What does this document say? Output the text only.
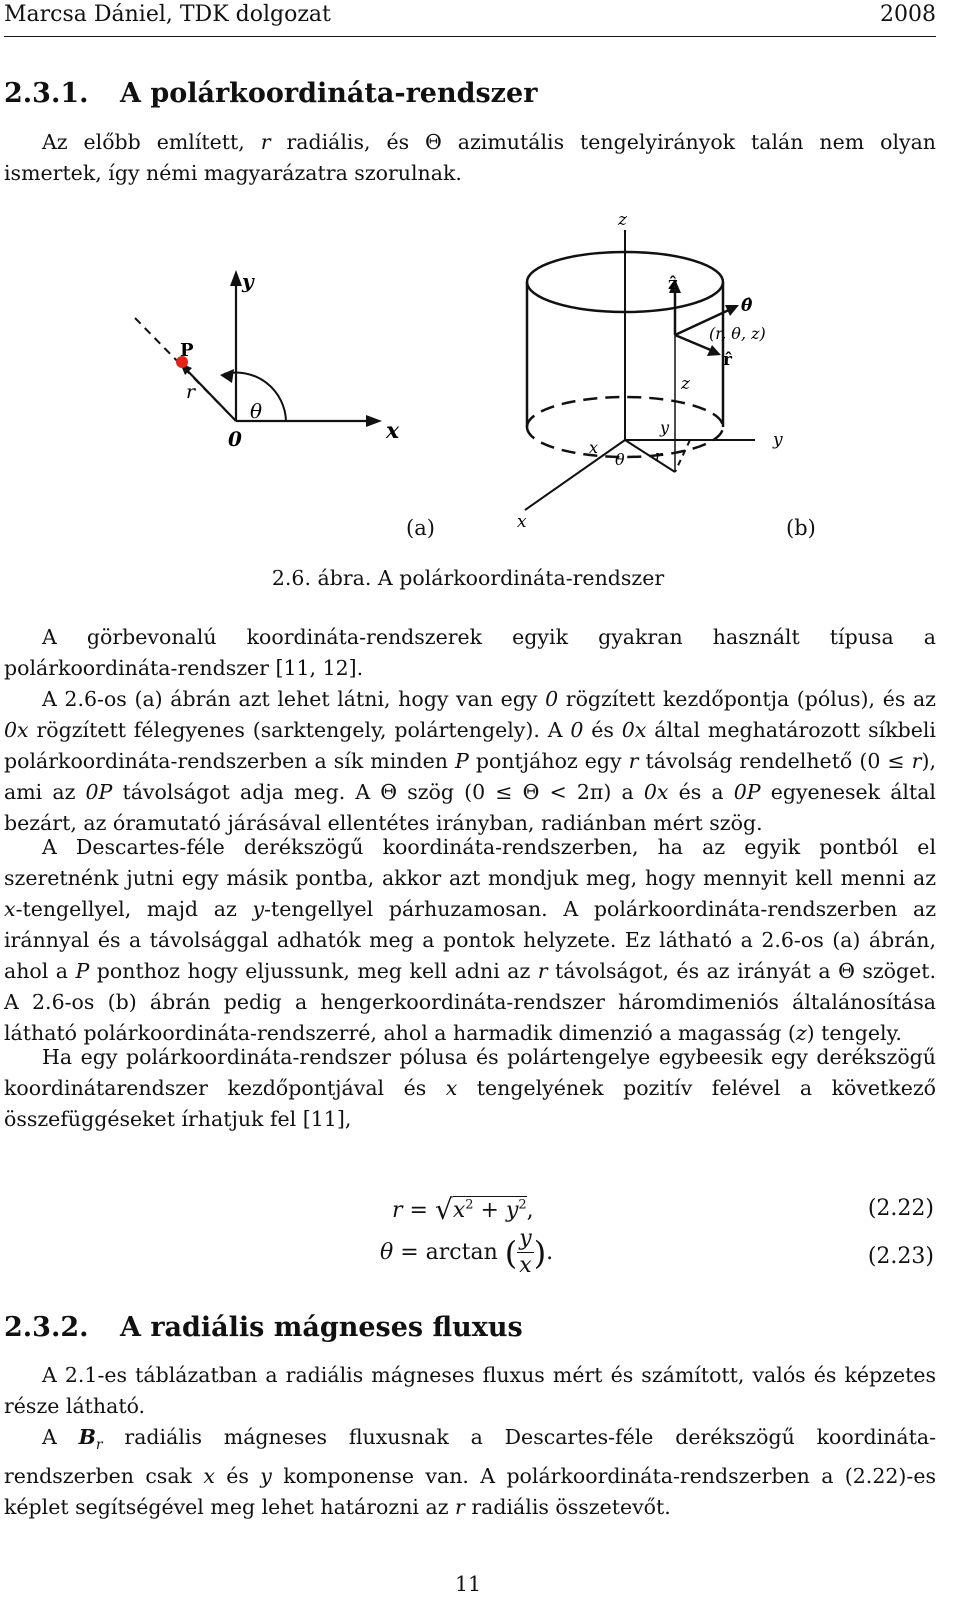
Marcsa Dániel, TDK dolgozat	2008
2.3.1. A polárkoordináta-rendszer
Az előbb említett, r radiális, és Θ azimutális tengelyirányok talán nem olyan ismertek, így némi magyarázatra szorulnak.
y
x
P
r
θ
0
z
ẑ
θ̂
(r, θ, z)
r̂
z
y
x
θ r
y
x
(a)	(b)
2.6. ábra. A polárkoordináta-rendszer
A görbevonalú koordináta-rendszerek egyik gyakran használt típusa a polárkoordináta-rendszer [11, 12].
A 2.6-os (a) ábrán azt lehet látni, hogy van egy 0 rögzített kezdőpontja (pólus), és az 0x rögzített félegyenes (sarktengely, polártengely). A 0 és 0x által meghatározott síkbeli polárkoordináta-rendszerben a sík minden P pontjához egy r távolság rendelhető (0 ≤ r), ami az 0P távolságot adja meg. A Θ szög (0 ≤ Θ < 2π) a 0x és a 0P egyenesek által bezárt, az óramutató járásával ellentétes irányban, radiánban mért szög.
A Descartes-féle derékszögű koordináta-rendszerben, ha az egyik pontból el szeretnénk jutni egy másik pontba, akkor azt mondjuk meg, hogy mennyit kell menni az x-tengellyel, majd az y-tengellyel párhuzamosan. A polárkoordináta-rendszerben az iránnyal és a távolsággal adhatók meg a pontok helyzete. Ez látható a 2.6-os (a) ábrán, ahol a P ponthoz hogy eljussunk, meg kell adni az r távolságot, és az irányát a Θ szöget. A 2.6-os (b) ábrán pedig a hengerkoordináta-rendszer háromdimeniós általánosítása látható polárkoordináta-rendszerré, ahol a harmadik dimenzió a magasság (z) tengely.
Ha egy polárkoordináta-rendszer pólusa és polártengelye egybeesik egy derékszögű koordinátarendszer kezdőpontjával és x tengelyének pozitív felével a következő összefüggéseket írhatjuk fel [11],
$r = √x^2 + y^2$,	(2.22)
θ
= arctan
( y
x ) .	(2.23)
2.3.2. A radiális mágneses fluxus
A 2.1-es táblázatban a radiális mágneses fluxus mért és számított, valós és képzetes része látható.
A $B_r$ radiális mágneses fluxusnak a Descartes-féle derékszögű koordináta-rendszerben csak x és y komponense van. A polárkoordináta-rendszerben a (2.22)-es képlet segítségével meg lehet határozni az r radiális összetevőt.
11
